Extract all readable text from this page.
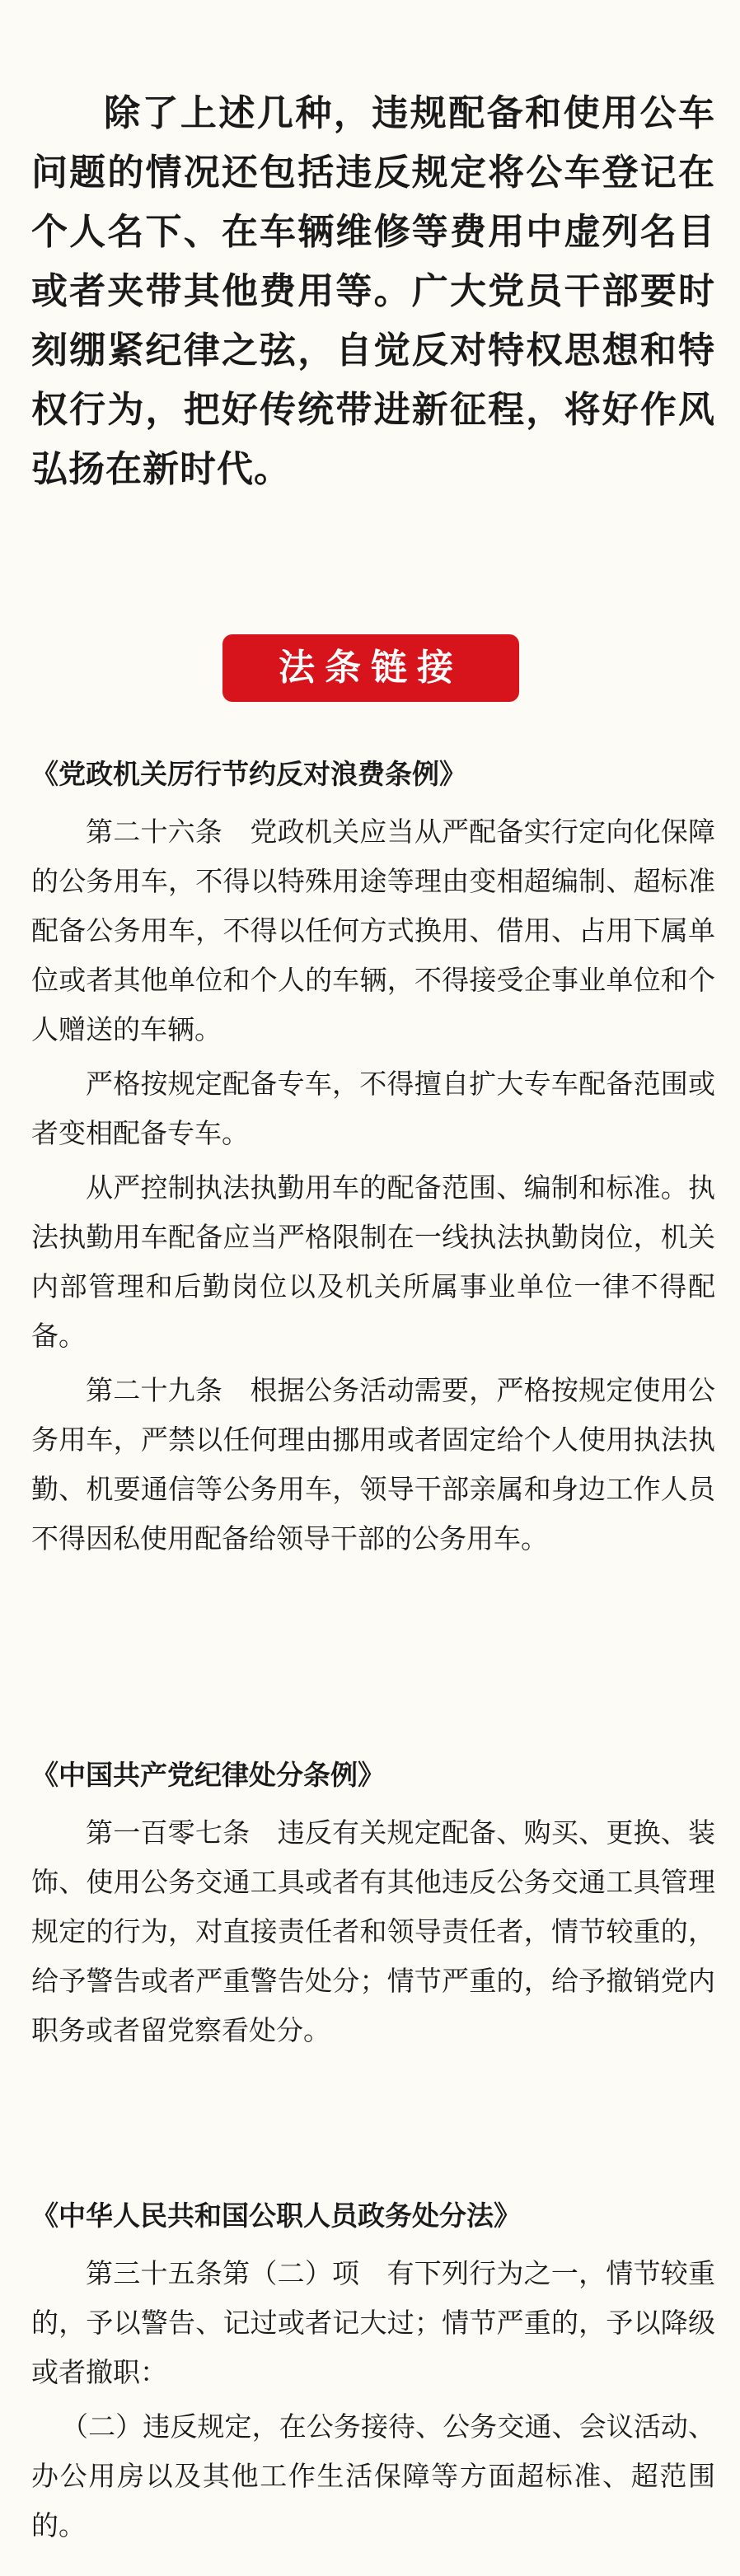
除了上述几种，违规配备和使用公车问题的情况还包括违反规定将公车登记在个人名下、在车辆维修等费用中虚列名目或者夹带其他费用等。广大党员干部要时刻绷紧纪律之弦，自觉反对特权思想和特权行为，把好传统带进新征程，将好作风弘扬在新时代。

法条链接
《党政机关厉行节约反对浪费条例》

第二十六条　党政机关应当从严配备实行定向化保障的公务用车，不得以特殊用途等理由变相超编制、超标准配备公务用车，不得以任何方式换用、借用、占用下属单位或者其他单位和个人的车辆，不得接受企事业单位和个人赠送的车辆。

严格按规定配备专车，不得擅自扩大专车配备范围或者变相配备专车。

从严控制执法执勤用车的配备范围、编制和标准。执法执勤用车配备应当严格限制在一线执法执勤岗位，机关内部管理和后勤岗位以及机关所属事业单位一律不得配备。

第二十九条　根据公务活动需要，严格按规定使用公务用车，严禁以任何理由挪用或者固定给个人使用执法执勤、机要通信等公务用车，领导干部亲属和身边工作人员不得因私使用配备给领导干部的公务用车。

《中国共产党纪律处分条例》

第一百零七条　违反有关规定配备、购买、更换、装饰、使用公务交通工具或者有其他违反公务交通工具管理规定的行为，对直接责任者和领导责任者，情节较重的，给予警告或者严重警告处分；情节严重的，给予撤销党内职务或者留党察看处分。

《中华人民共和国公职人员政务处分法》

第三十五条第（二）项　有下列行为之一，情节较重的，予以警告、记过或者记大过；情节严重的，予以降级或者撤职：

（二）违反规定，在公务接待、公务交通、会议活动、办公用房以及其他工作生活保障等方面超标准、超范围的。
